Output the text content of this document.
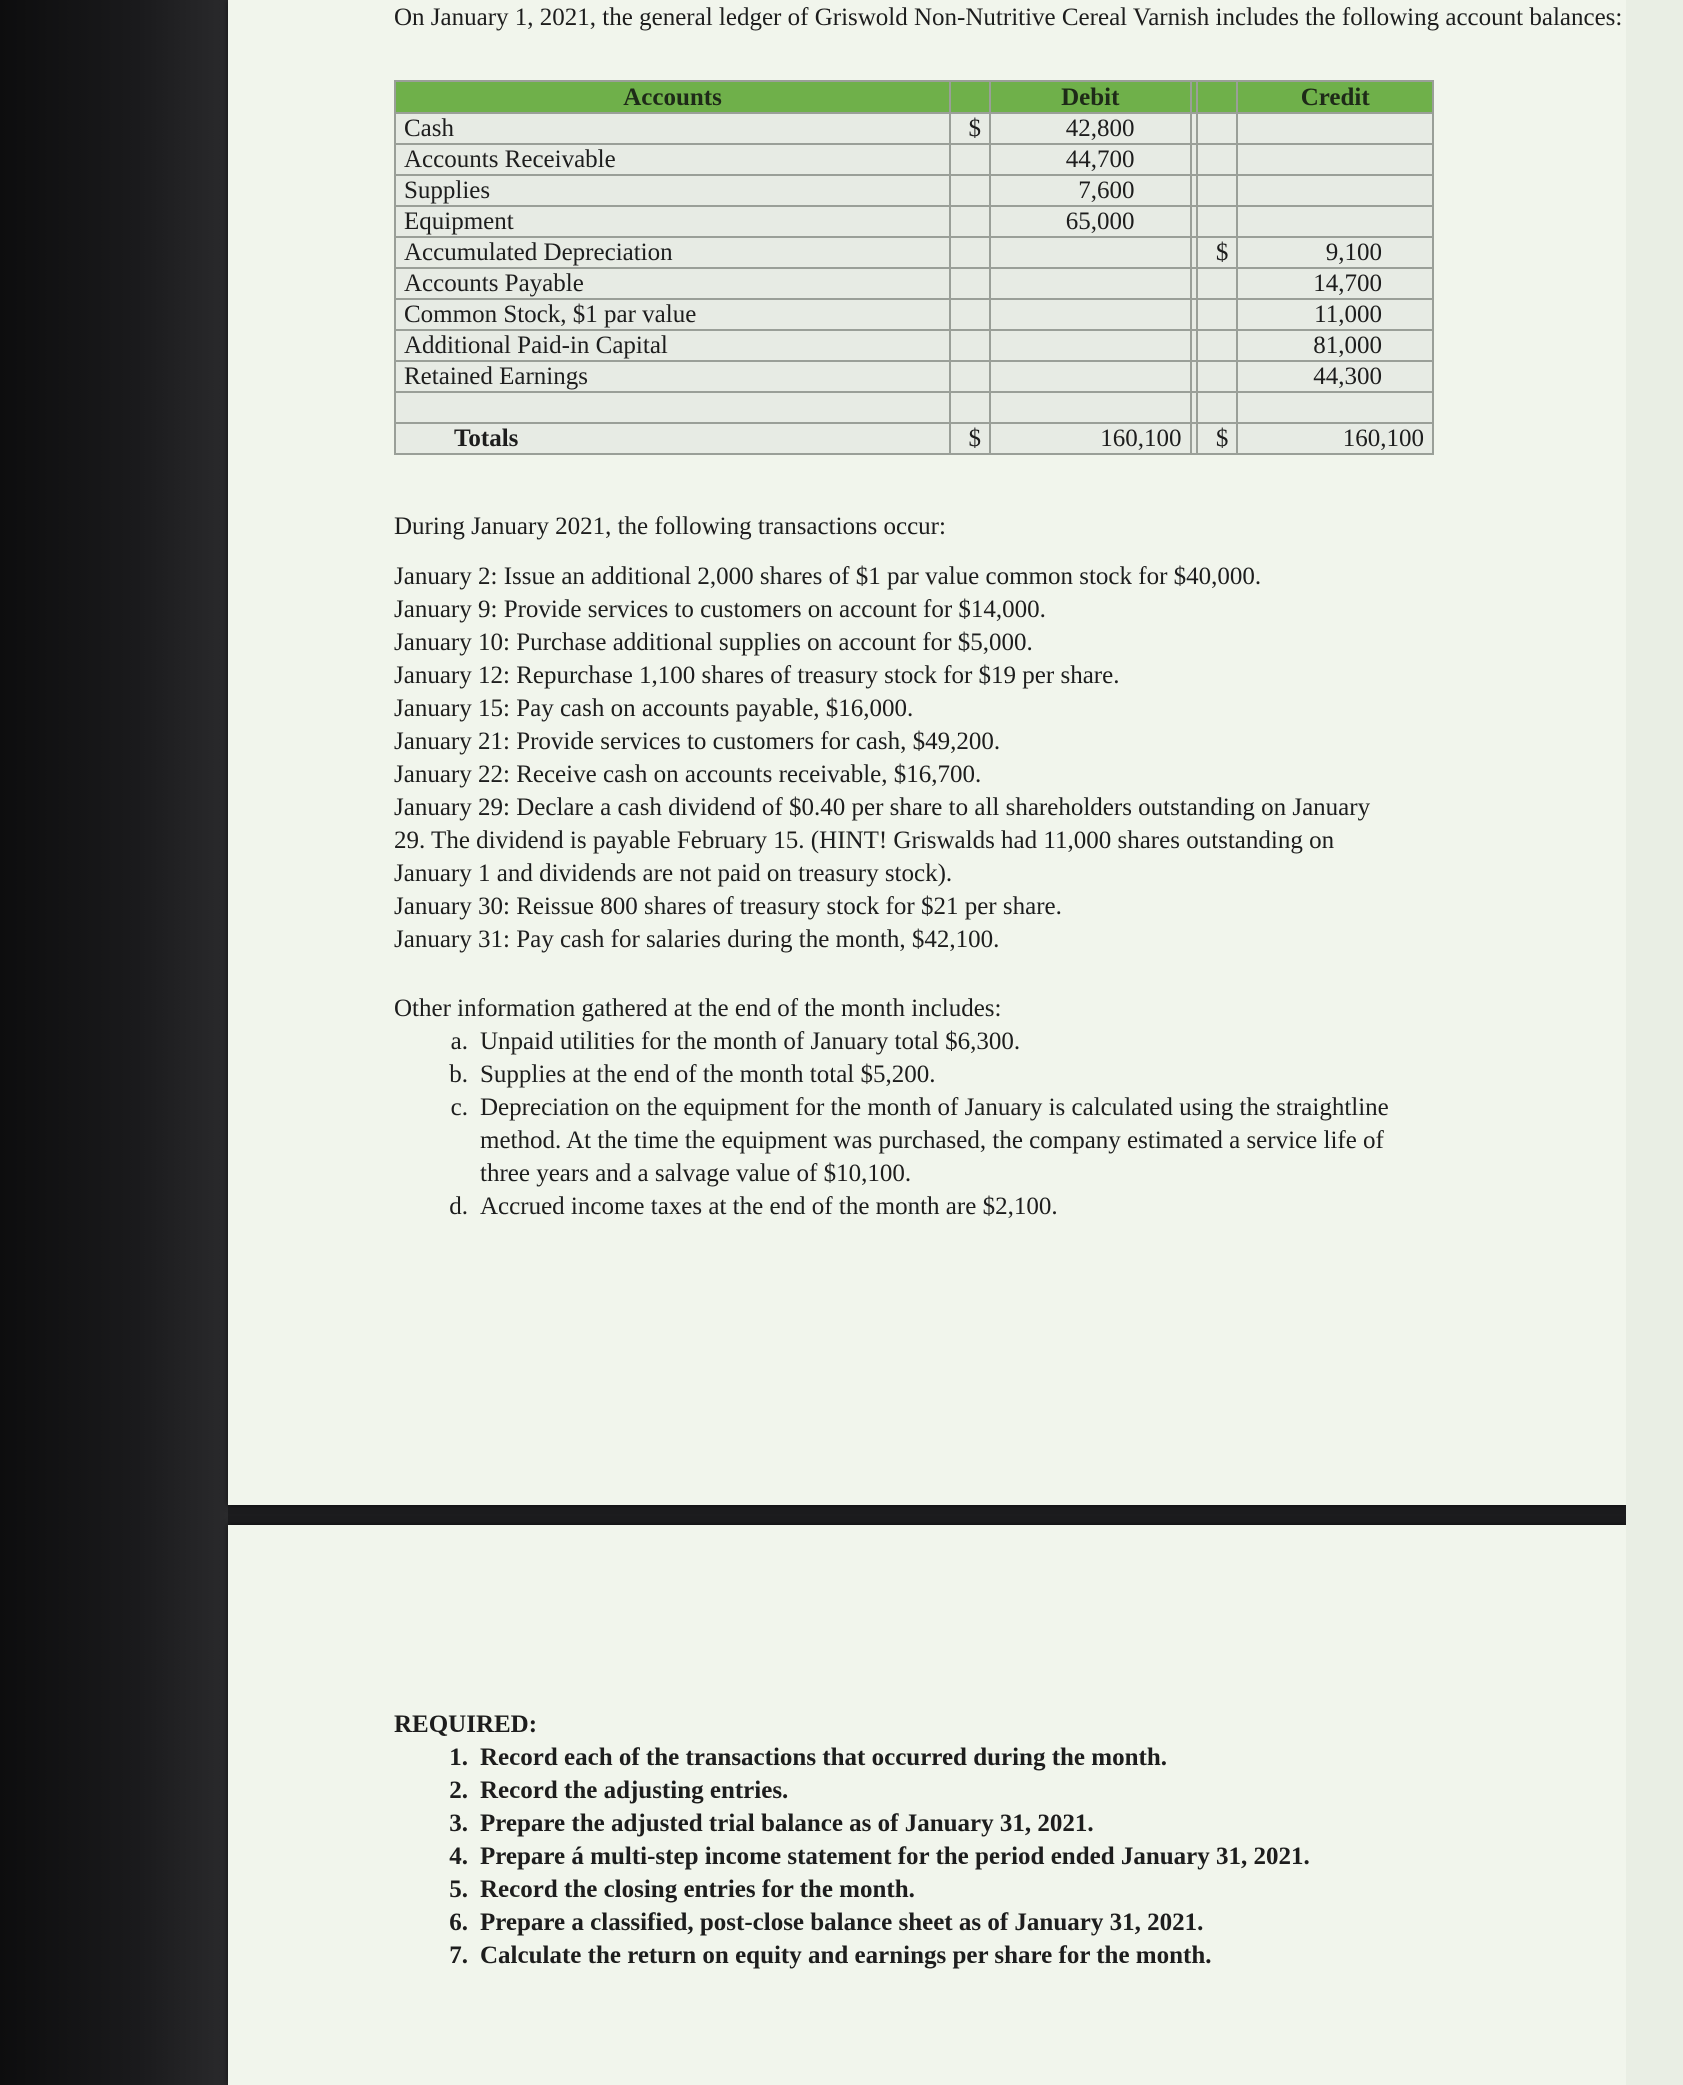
On January 1, 2021, the general ledger of Griswold Non-Nutritive Cereal Varnish includes the following account balances:

Accounts		Debit			Credit
Cash	$	42,800			
Accounts Receivable		44,700			
Supplies		7,600			
Equipment		65,000			
Accumulated Depreciation				$	9,100
Accounts Payable					14,700
Common Stock, $1 par value					11,000
Additional Paid-in Capital					81,000
Retained Earnings					44,300

Totals	$	160,100		$	160,100

During January 2021, the following transactions occur:

January 2: Issue an additional 2,000 shares of $1 par value common stock for $40,000.
January 9: Provide services to customers on account for $14,000.
January 10: Purchase additional supplies on account for $5,000.
January 12: Repurchase 1,100 shares of treasury stock for $19 per share.
January 15: Pay cash on accounts payable, $16,000.
January 21: Provide services to customers for cash, $49,200.
January 22: Receive cash on accounts receivable, $16,700.
January 29: Declare a cash dividend of $0.40 per share to all shareholders outstanding on January 29. The dividend is payable February 15. (HINT! Griswalds had 11,000 shares outstanding on January 1 and dividends are not paid on treasury stock).
January 30: Reissue 800 shares of treasury stock for $21 per share.
January 31: Pay cash for salaries during the month, $42,100.

Other information gathered at the end of the month includes:

a. Unpaid utilities for the month of January total $6,300.
b. Supplies at the end of the month total $5,200.
c. Depreciation on the equipment for the month of January is calculated using the straightline method. At the time the equipment was purchased, the company estimated a service life of three years and a salvage value of $10,100.
d. Accrued income taxes at the end of the month are $2,100.

REQUIRED:

1. Record each of the transactions that occurred during the month.
2. Record the adjusting entries.
3. Prepare the adjusted trial balance as of January 31, 2021.
4. Prepare á multi-step income statement for the period ended January 31, 2021.
5. Record the closing entries for the month.
6. Prepare a classified, post-close balance sheet as of January 31, 2021.
7. Calculate the return on equity and earnings per share for the month.
